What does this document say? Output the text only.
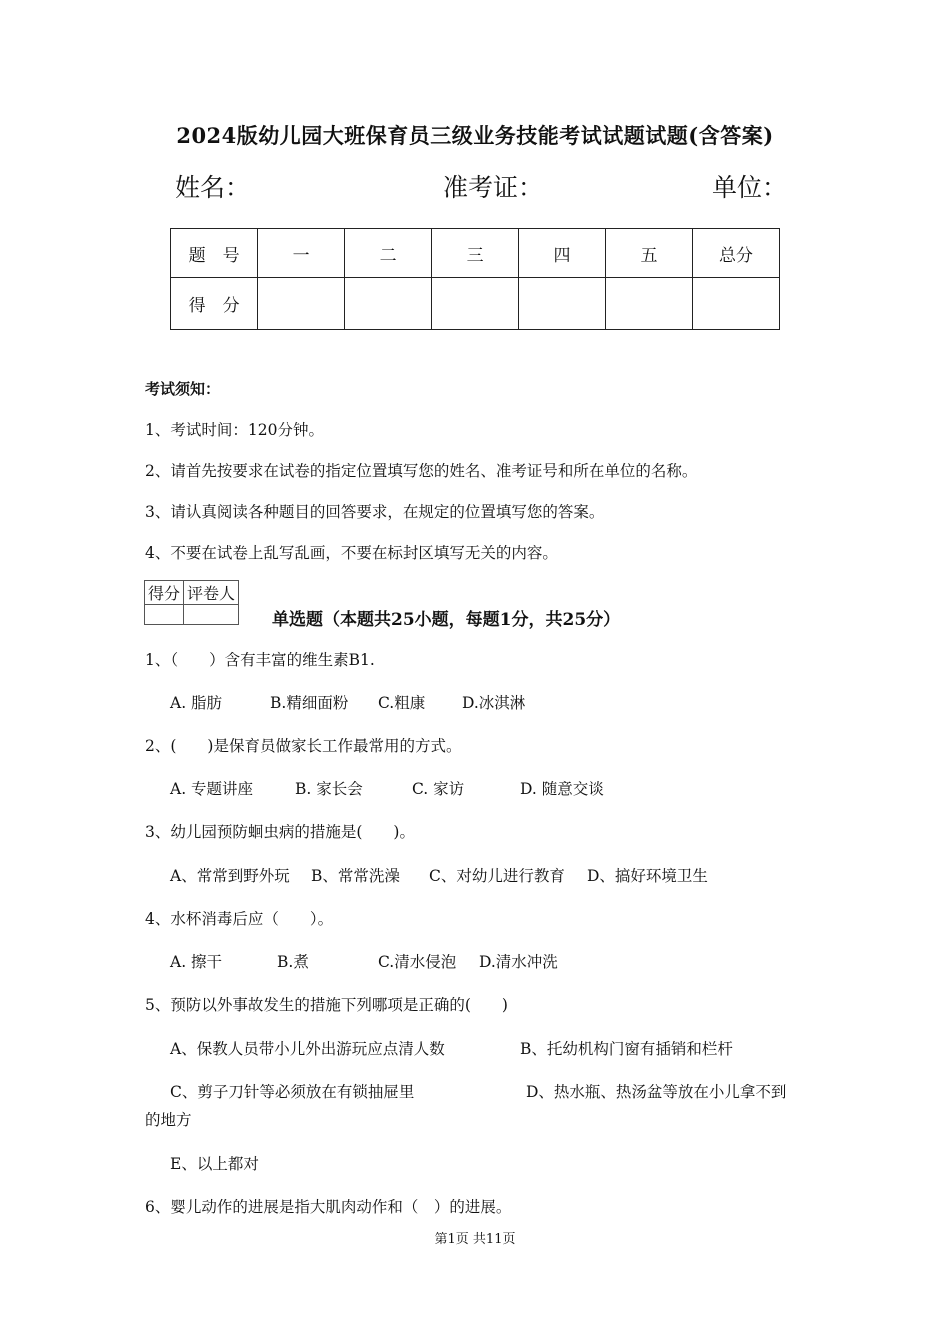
2024版幼儿园大班保育员三级业务技能考试试题试题(含答案)
姓名：	准考证：	单位：
题　号	一	二	三	四	五	总分
得　分						
考试须知：
1、考试时间：120分钟。
2、请首先按要求在试卷的指定位置填写您的姓名、准考证号和所在单位的名称。
3、请认真阅读各种题目的回答要求，在规定的位置填写您的答案。
4、不要在试卷上乱写乱画，不要在标封区填写无关的内容。
得分	评卷人

单选题（本题共25小题，每题1分，共25分）
1、（　　）含有丰富的维生素B1.
A. 脂肪	B.精细面粉 C.粗康 D.冰淇淋
2、(　　)是保育员做家长工作最常用的方式。
A. 专题讲座	B. 家长会	C. 家访	D. 随意交谈
3、幼儿园预防蛔虫病的措施是(　　)。
A、常常到野外玩 B、常常洗澡 C、对幼儿进行教育 D、搞好环境卫生
4、水杯消毒后应（　　）。
A. 擦干	B.煮	C.清水侵泡 D.清水冲洗
5、预防以外事故发生的措施下列哪项是正确的(　　)
A、保教人员带小儿外出游玩应点清人数	B、托幼机构门窗有插销和栏杆
C、剪子刀针等必须放在有锁抽屉里	D、热水瓶、热汤盆等放在小儿拿不到
的地方
E、以上都对
6、婴儿动作的进展是指大肌肉动作和（　）的进展。
第1页 共11页
